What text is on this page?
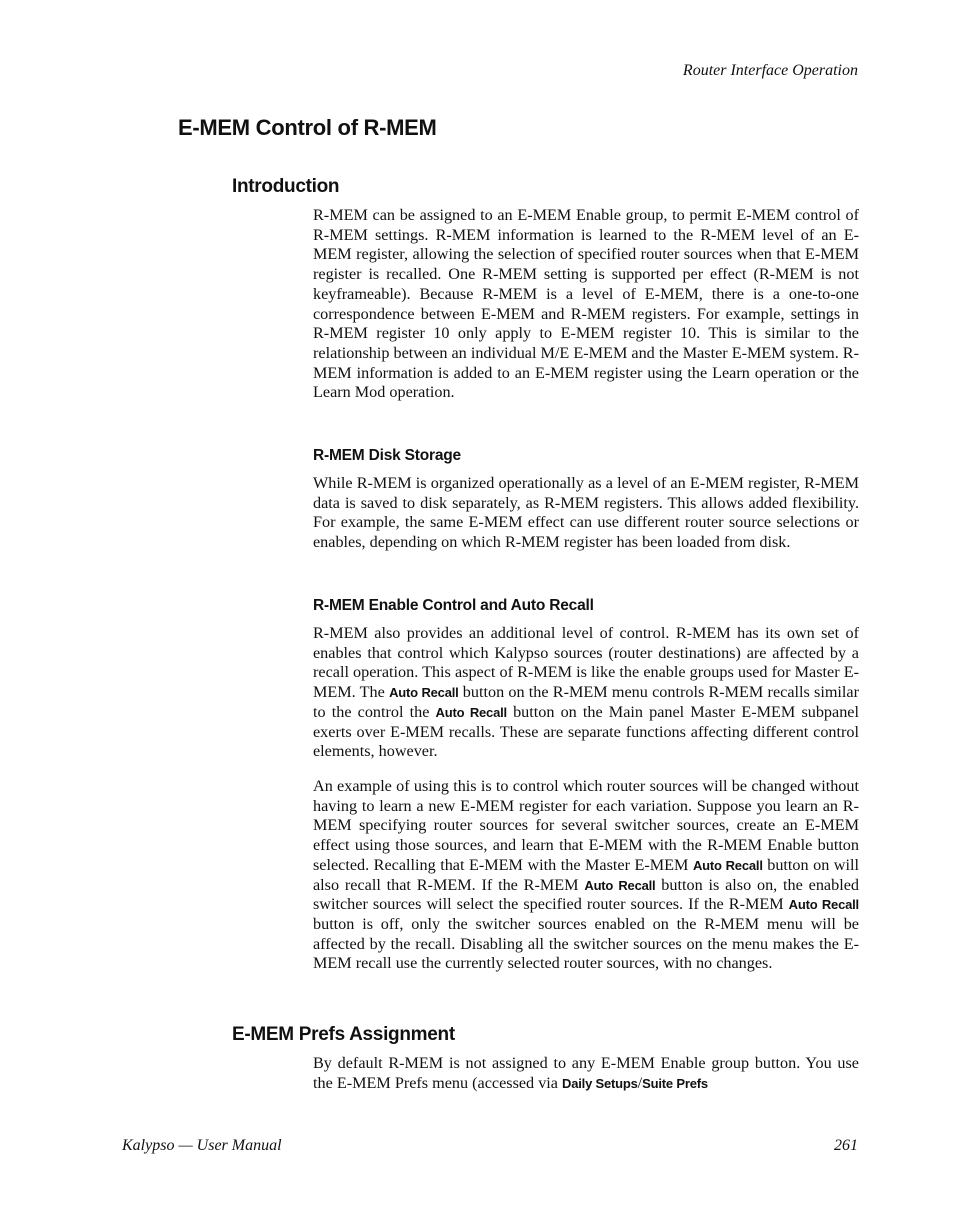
Router Interface Operation
E-MEM Control of R-MEM
Introduction
R-MEM can be assigned to an E-MEM Enable group, to permit E-MEM control of R-MEM settings. R-MEM information is learned to the R-MEM level of an E-MEM register, allowing the selection of specified router sources when that E-MEM register is recalled. One R-MEM setting is supported per effect (R-MEM is not keyframeable). Because R-MEM is a level of E-MEM, there is a one-to-one correspondence between E-MEM and R-MEM registers. For example, settings in R-MEM register 10 only apply to E-MEM register 10. This is similar to the relationship between an individual M/E E-MEM and the Master E-MEM system. R-MEM information is added to an E-MEM register using the Learn operation or the Learn Mod operation.
R-MEM Disk Storage
While R-MEM is organized operationally as a level of an E-MEM register, R-MEM data is saved to disk separately, as R-MEM registers. This allows added flexibility. For example, the same E-MEM effect can use different router source selections or enables, depending on which R-MEM register has been loaded from disk.
R-MEM Enable Control and Auto Recall
R-MEM also provides an additional level of control. R-MEM has its own set of enables that control which Kalypso sources (router destinations) are affected by a recall operation. This aspect of R-MEM is like the enable groups used for Master E-MEM. The Auto Recall button on the R-MEM menu controls R-MEM recalls similar to the control the Auto Recall button on the Main panel Master E-MEM subpanel exerts over E-MEM recalls. These are separate functions affecting different control elements, however.
An example of using this is to control which router sources will be changed without having to learn a new E-MEM register for each variation. Suppose you learn an R-MEM specifying router sources for several switcher sources, create an E-MEM effect using those sources, and learn that E-MEM with the R-MEM Enable button selected. Recalling that E-MEM with the Master E-MEM Auto Recall button on will also recall that R-MEM. If the R-MEM Auto Recall button is also on, the enabled switcher sources will select the specified router sources. If the R-MEM Auto Recall button is off, only the switcher sources enabled on the R-MEM menu will be affected by the recall. Disabling all the switcher sources on the menu makes the E-MEM recall use the currently selected router sources, with no changes.
E-MEM Prefs Assignment
By default R-MEM is not assigned to any E-MEM Enable group button. You use the E-MEM Prefs menu (accessed via Daily Setups/Suite Prefs
Kalypso — User Manual	261
